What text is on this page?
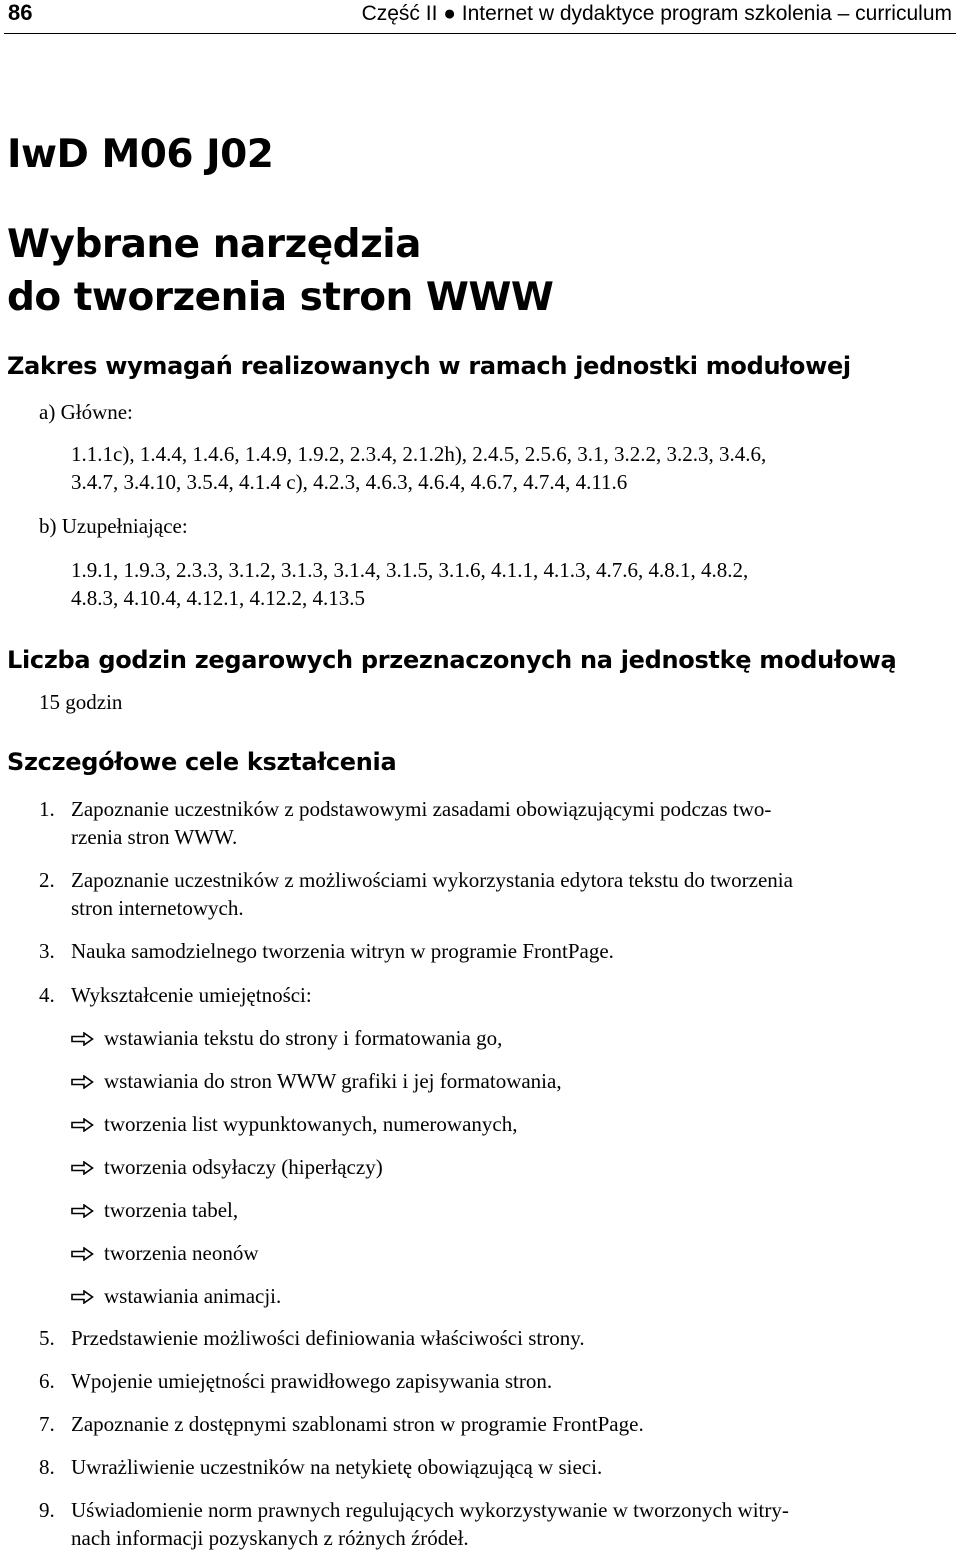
86	Część II ● Internet w dydaktyce program szkolenia – curriculum
IwD M06 J02
Wybrane narzędzia
do tworzenia stron WWW
Zakres wymagań realizowanych w ramach jednostki modułowej
a) Główne:
1.1.1c), 1.4.4, 1.4.6, 1.4.9, 1.9.2, 2.3.4, 2.1.2h), 2.4.5, 2.5.6, 3.1, 3.2.2, 3.2.3, 3.4.6,
3.4.7, 3.4.10, 3.5.4, 4.1.4 c), 4.2.3, 4.6.3, 4.6.4, 4.6.7, 4.7.4, 4.11.6
b) Uzupełniające:
1.9.1, 1.9.3, 2.3.3, 3.1.2, 3.1.3, 3.1.4, 3.1.5, 3.1.6, 4.1.1, 4.1.3, 4.7.6, 4.8.1, 4.8.2,
4.8.3, 4.10.4, 4.12.1, 4.12.2, 4.13.5
Liczba godzin zegarowych przeznaczonych na jednostkę modułową
15 godzin
Szczegółowe cele kształcenia
1. Zapoznanie uczestników z podstawowymi zasadami obowiązującymi podczas two-
rzenia stron WWW.
2. Zapoznanie uczestników z możliwościami wykorzystania edytora tekstu do tworzenia
stron internetowych.
3. Nauka samodzielnego tworzenia witryn w programie FrontPage.
4. Wykształcenie umiejętności:
wstawiania tekstu do strony i formatowania go,
wstawiania do stron WWW grafiki i jej formatowania,
tworzenia list wypunktowanych, numerowanych,
tworzenia odsyłaczy (hiperłączy)
tworzenia tabel,
tworzenia neonów
wstawiania animacji.
5. Przedstawienie możliwości definiowania właściwości strony.
6. Wpojenie umiejętności prawidłowego zapisywania stron.
7. Zapoznanie z dostępnymi szablonami stron w programie FrontPage.
8. Uwrażliwienie uczestników na netykietę obowiązującą w sieci.
9. Uświadomienie norm prawnych regulujących wykorzystywanie w tworzonych witry-
nach informacji pozyskanych z różnych źródeł.
